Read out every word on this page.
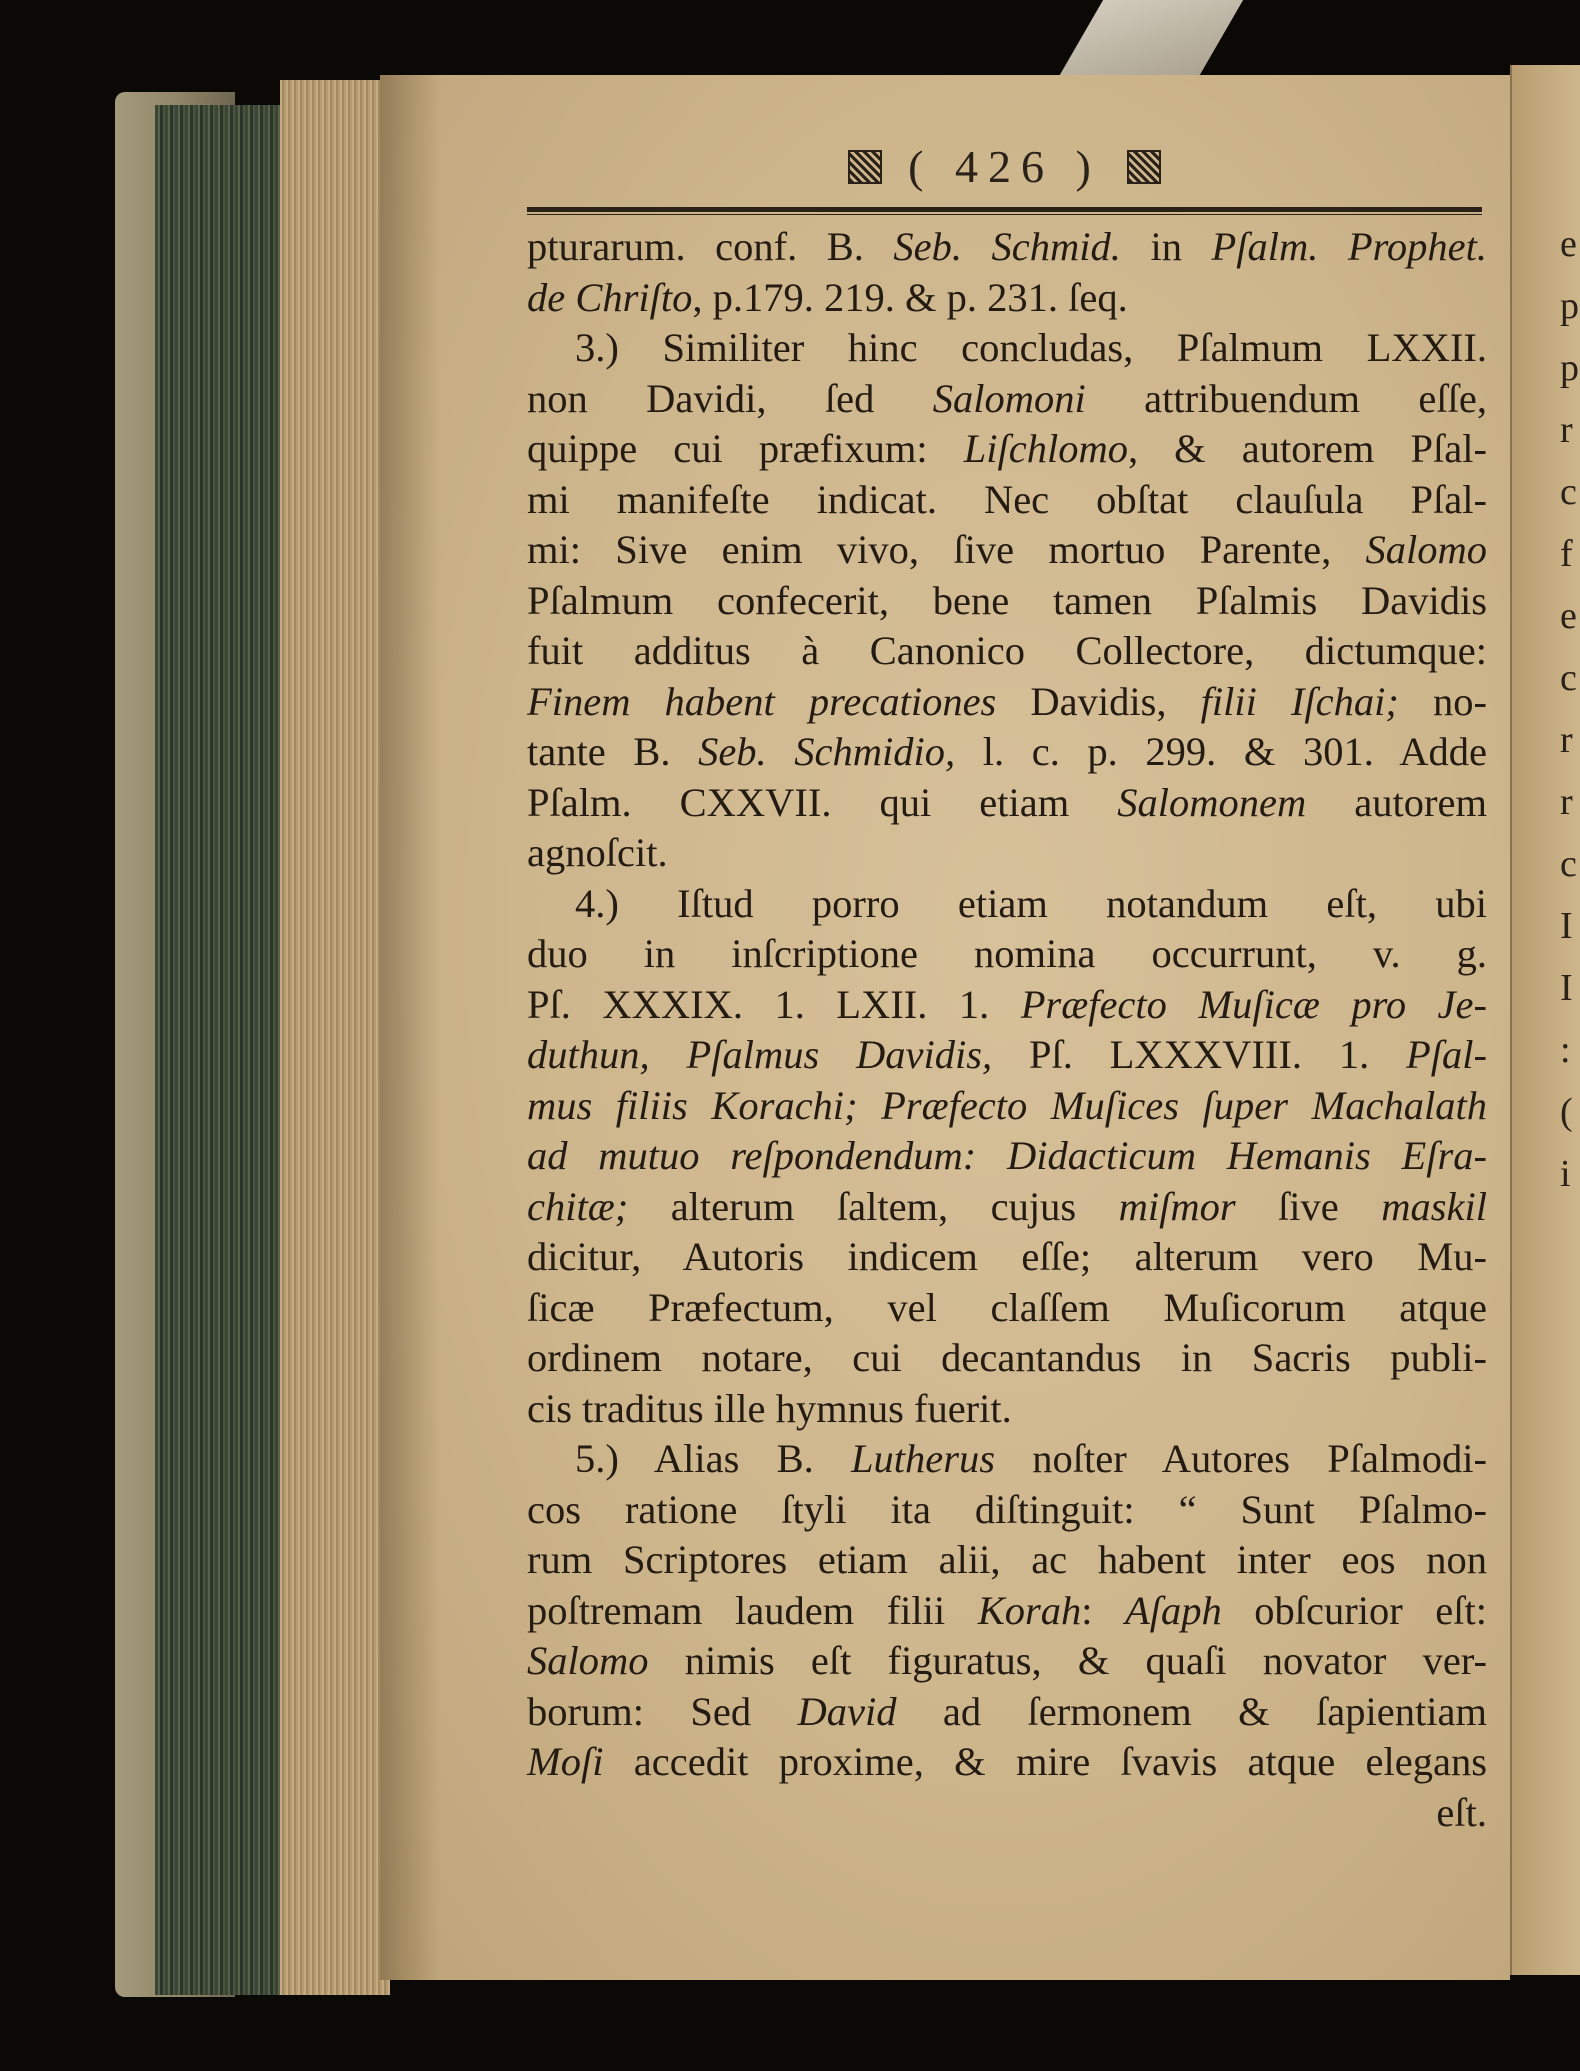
e
p
p
r
c
f
e
c
r
r
c
I
I
:
(
i
( 426 )
pturarum. conf. B. Seb. Schmid. in Pſalm. Prophet.
de Chriſto, p.179. 219. & p. 231. ſeq.
3.) Similiter hinc concludas, Pſalmum LXXII.
non Davidi, ſed Salomoni attribuendum eſſe,
quippe cui præfixum: Liſchlomo, & autorem Pſal-
mi manifeſte indicat. Nec obſtat clauſula Pſal-
mi: Sive enim vivo, ſive mortuo Parente, Salomo
Pſalmum confecerit, bene tamen Pſalmis Davidis
fuit additus à Canonico Collectore, dictumque:
Finem habent precationes Davidis, filii Iſchai; no-
tante B. Seb. Schmidio, l. c. p. 299. & 301. Adde
Pſalm. CXXVII. qui etiam Salomonem autorem
agnoſcit.
4.) Iſtud porro etiam notandum eſt, ubi
duo in inſcriptione nomina occurrunt, v. g.
Pſ. XXXIX. 1. LXII. 1. Præfecto Muſicæ pro Je-
duthun, Pſalmus Davidis, Pſ. LXXXVIII. 1. Pſal-
mus filiis Korachi; Præfecto Muſices ſuper Machalath
ad mutuo reſpondendum: Didacticum Hemanis Eſra-
chitæ; alterum ſaltem, cujus miſmor ſive maskil
dicitur, Autoris indicem eſſe; alterum vero Mu-
ſicæ Præfectum, vel claſſem Muſicorum atque
ordinem notare, cui decantandus in Sacris publi-
cis traditus ille hymnus fuerit.
5.) Alias B. Lutherus noſter Autores Pſalmodi-
cos ratione ſtyli ita diſtinguit: “ Sunt Pſalmo-
rum Scriptores etiam alii, ac habent inter eos non
poſtremam laudem filii Korah: Aſaph obſcurior eſt:
Salomo nimis eſt figuratus, & quaſi novator ver-
borum: Sed David ad ſermonem & ſapientiam
Moſi accedit proxime, & mire ſvavis atque elegans
eſt.
